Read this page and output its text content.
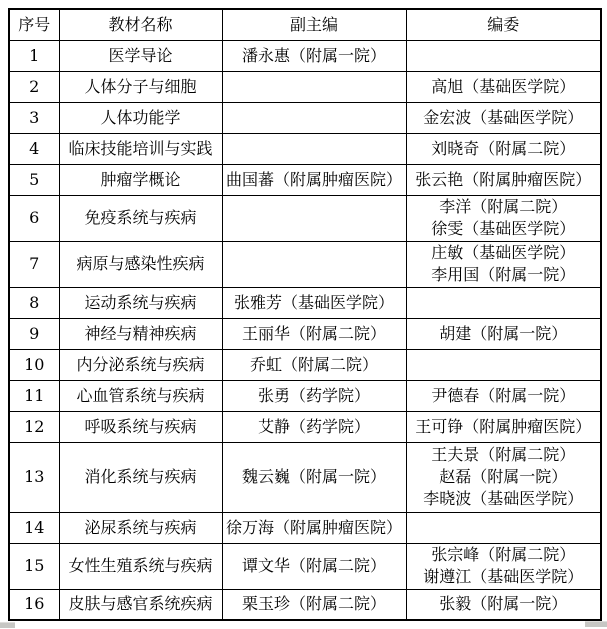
序号	教材名称	副主编	编委
1	医学导论	潘永惠（附属一院）	
2	人体分子与细胞		高旭（基础医学院）

3	人体功能学		金宏波（基础医学院）

4	临床技能培训与实践		刘晓奇（附属二院）

5	肿瘤学概论	曲国蕃（附属肿瘤医院）	张云艳（附属肿瘤医院）

6	免疫系统与疾病		李洋（附属二院）
徐雯（基础医学院）

7	病原与感染性疾病		庄敏（基础医学院）
李用国（附属一院）

8	运动系统与疾病	张雅芳（基础医学院）	
9	神经与精神疾病	王丽华（附属二院）	胡建（附属一院）

10	内分泌系统与疾病	乔虹（附属二院）	
11	心血管系统与疾病	张勇（药学院）	尹德春（附属一院）

12	呼吸系统与疾病	艾静（药学院）	王可铮（附属肿瘤医院）

13	消化系统与疾病	魏云巍（附属一院）	王夫景（附属二院）
赵磊（附属一院）
李晓波（基础医学院）

14	泌尿系统与疾病	徐万海（附属肿瘤医院）	
15	女性生殖系统与疾病	谭文华（附属二院）	张宗峰（附属二院）
谢遵江（基础医学院）

16	皮肤与感官系统疾病	栗玉珍（附属二院）	张毅（附属一院）
